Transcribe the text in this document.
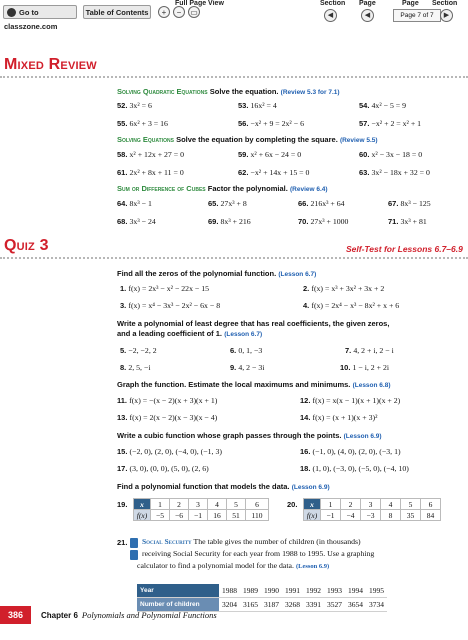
Go to classzone.com
Table of Contents	+	−	▭
Full Page View	Section Page	Page Section
◀	◀	Page 7 of 7	▶
Mixed Review
Solving Quadratic Equations Solve the equation. (Review 5.3 for 7.1)
52. 3x² = 6	53. 16x² = 4	54. 4x² − 5 = 9
55. 6x² + 3 = 16	56. −x² + 9 = 2x² − 6	57. −x² + 2 = x² + 1
Solving Equations Solve the equation by completing the square. (Review 5.5)
58. x² + 12x + 27 = 0	59. x² + 6x − 24 = 0	60. x² − 3x − 18 = 0
61. 2x² + 8x + 11 = 0	62. −x² + 14x + 15 = 0	63. 3x² − 18x + 32 = 0
Sum or Difference of Cubes Factor the polynomial. (Review 6.4)
64. 8x³ − 1	65. 27x³ + 8	66. 216x³ + 64	67. 8x³ − 125
68. 3x³ − 24	69. 8x³ + 216	70. 27x³ + 1000	71. 3x³ + 81
Quiz 3	Self-Test for Lessons 6.7–6.9
Find all the zeros of the polynomial function. (Lesson 6.7)
1. f(x) = 2x³ − x² − 22x − 15	2. f(x) = x³ + 3x² + 3x + 2
3. f(x) = x⁴ − 3x³ − 2x² − 6x − 8	4. f(x) = 2x⁴ − x³ − 8x² + x + 6
Write a polynomial of least degree that has real coefficients, the given zeros,
and a leading coefficient of 1. (Lesson 6.7)
5. −2, −2, 2	6. 0, 1, −3	7. 4, 2 + i, 2 − i
8. 2, 5, −i	9. 4, 2 − 3i	10. 1 − i, 2 + 2i
Graph the function. Estimate the local maximums and minimums. (Lesson 6.8)
11. f(x) = −(x − 2)(x + 3)(x + 1)	12. f(x) = x(x − 1)(x + 1)(x + 2)
13. f(x) = 2(x − 2)(x − 3)(x − 4)	14. f(x) = (x + 1)(x + 3)²
Write a cubic function whose graph passes through the points. (Lesson 6.9)
15. (−2, 0), (2, 0), (−4, 0), (−1, 3)	16. (−1, 0), (4, 0), (2, 0), (−3, 1)
17. (3, 0), (0, 0), (5, 0), (2, 6)	18. (1, 0), (−3, 0), (−5, 0), (−4, 10)
Find a polynomial function that models the data. (Lesson 6.9)
19. x	1	2	3	4	5	6
f(x)	−5	−6	−1	16	51	110
20. x	1	2	3	4	5	6
f(x)	−1	−4	−3	8	35	84
21. Social Security The table gives the number of children (in thousands)
receiving Social Security for each year from 1988 to 1995. Use a graphing
calculator to find a polynomial model for the data. (Lesson 6.9)
Year	1988	1989	1990	1991	1992	1993	1994	1995
Number of children	3204	3165	3187	3268	3391	3527	3654	3734
386	Chapter 6 Polynomials and Polynomial Functions
